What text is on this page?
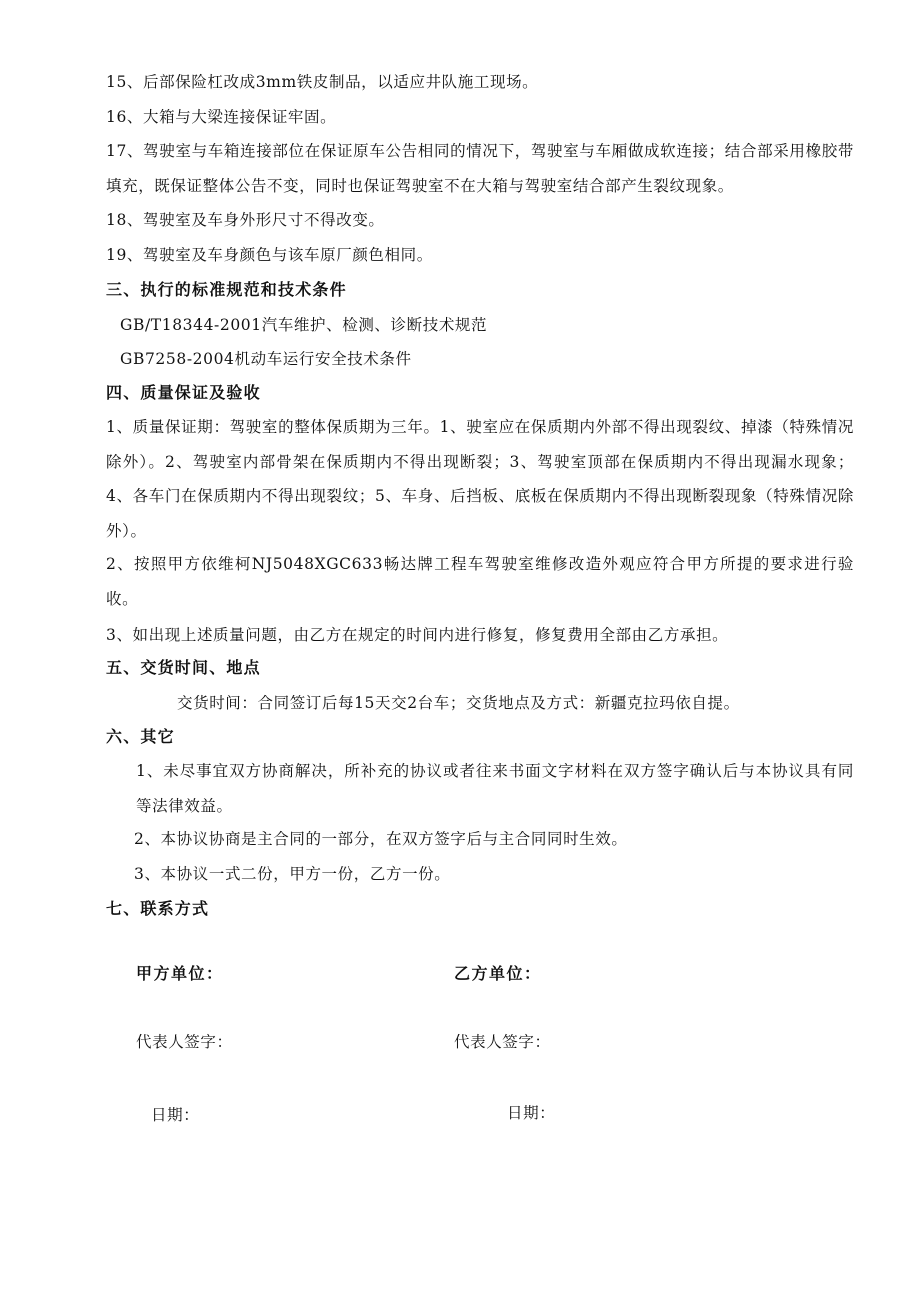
15、后部保险杠改成3mm铁皮制品，以适应井队施工现场。
16、大箱与大梁连接保证牢固。
17、驾驶室与车箱连接部位在保证原车公告相同的情况下，驾驶室与车厢做成软连接；结合部采用橡胶带填充，既保证整体公告不变，同时也保证驾驶室不在大箱与驾驶室结合部产生裂纹现象。
18、驾驶室及车身外形尺寸不得改变。
19、驾驶室及车身颜色与该车原厂颜色相同。
三、执行的标准规范和技术条件
GB/T18344-2001汽车维护、检测、诊断技术规范
GB7258-2004机动车运行安全技术条件
四、质量保证及验收
1、质量保证期：驾驶室的整体保质期为三年。1、驶室应在保质期内外部不得出现裂纹、掉漆（特殊情况除外）。2、驾驶室内部骨架在保质期内不得出现断裂；3、驾驶室顶部在保质期内不得出现漏水现象；4、各车门在保质期内不得出现裂纹；5、车身、后挡板、底板在保质期内不得出现断裂现象（特殊情况除外）。
2、按照甲方依维柯NJ5048XGC633畅达牌工程车驾驶室维修改造外观应符合甲方所提的要求进行验收。
3、如出现上述质量问题，由乙方在规定的时间内进行修复，修复费用全部由乙方承担。
五、交货时间、地点
交货时间：合同签订后每15天交2台车；交货地点及方式：新疆克拉玛依自提。
六、其它
1、未尽事宜双方协商解决，所补充的协议或者往来书面文字材料在双方签字确认后与本协议具有同等法律效益。
2、本协议协商是主合同的一部分，在双方签字后与主合同同时生效。
3、本协议一式二份，甲方一份，乙方一份。
七、联系方式
甲方单位：	乙方单位：
代表人签字：	代表人签字：
日期：	日期：
